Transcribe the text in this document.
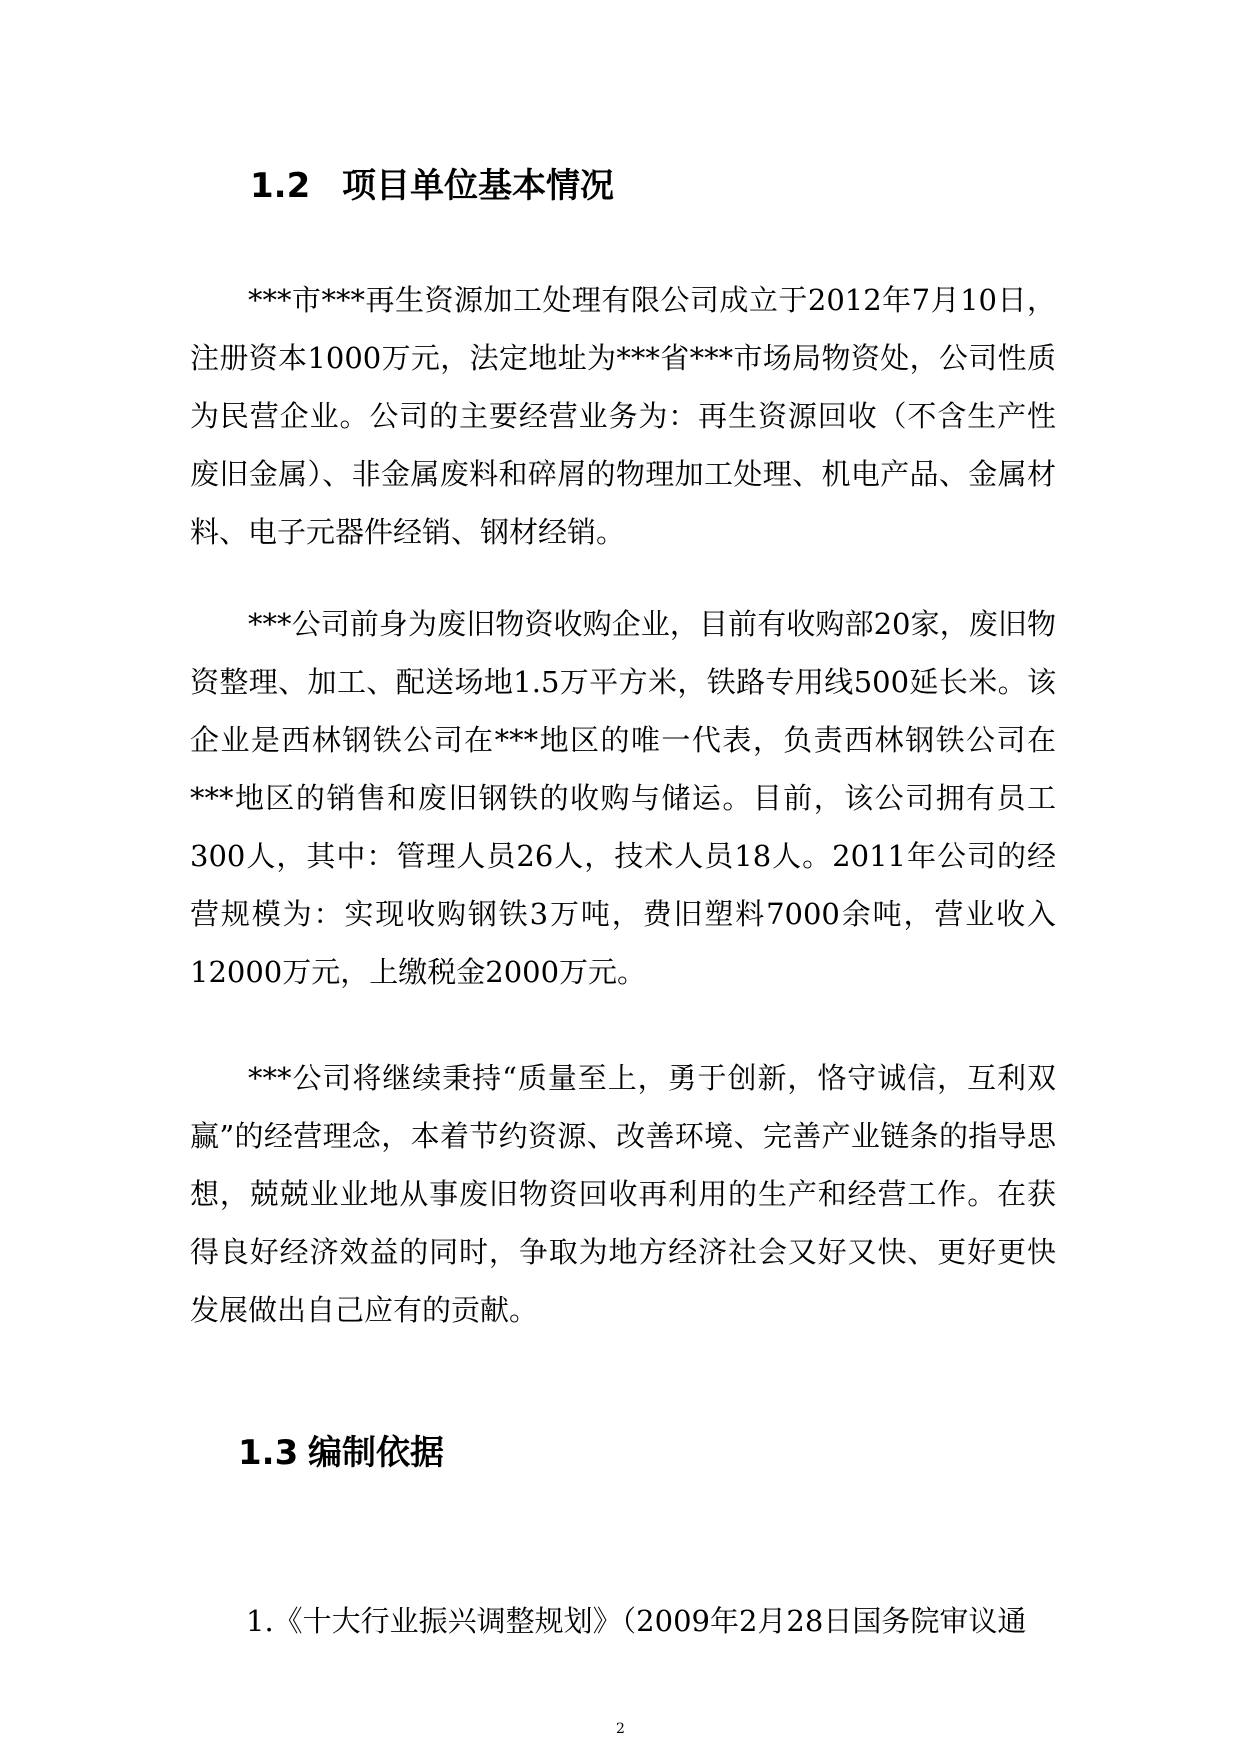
1.2 项目单位基本情况

***市***再生资源加工处理有限公司成立于2012年7月10日，注册资本1000万元，法定地址为***省***市场局物资处，公司性质为民营企业。公司的主要经营业务为：再生资源回收（不含生产性废旧金属）、非金属废料和碎屑的物理加工处理、机电产品、金属材料、电子元器件经销、钢材经销。

***公司前身为废旧物资收购企业，目前有收购部20家，废旧物资整理、加工、配送场地1.5万平方米，铁路专用线500延长米。该企业是西林钢铁公司在***地区的唯一代表，负责西林钢铁公司在***地区的销售和废旧钢铁的收购与储运。目前，该公司拥有员工300人，其中：管理人员26人，技术人员18人。2011年公司的经营规模为：实现收购钢铁3万吨，费旧塑料7000余吨，营业收入12000万元，上缴税金2000万元。

***公司将继续秉持“质量至上，勇于创新，恪守诚信，互利双赢”的经营理念，本着节约资源、改善环境、完善产业链条的指导思想，兢兢业业地从事废旧物资回收再利用的生产和经营工作。在获得良好经济效益的同时，争取为地方经济社会又好又快、更好更快发展做出自己应有的贡献。

1.3 编制依据

1.《十大行业振兴调整规划》（2009年2月28日国务院审议通

2
